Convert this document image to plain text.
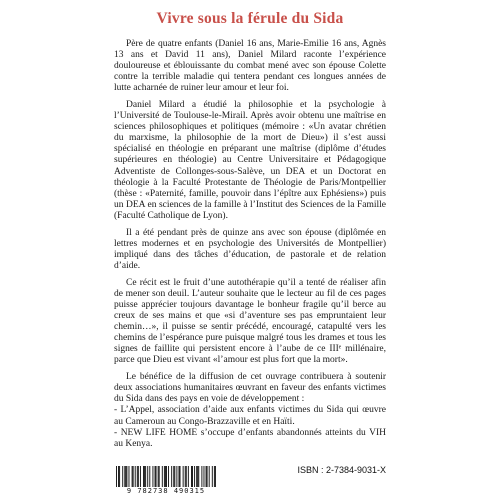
Vivre sous la férule du Sida

Père de quatre enfants (Daniel 16 ans, Marie-Emilie 16 ans, Agnès 13 ans et David 11 ans), Daniel Milard raconte l’expérience douloureuse et éblouissante du combat mené avec son épouse Colette contre la terrible maladie qui tentera pendant ces longues années de lutte acharnée de ruiner leur amour et leur foi.

Daniel Milard a étudié la philosophie et la psychologie à l’Université de Toulouse-le-Mirail. Après avoir obtenu une maîtrise en sciences philosophiques et politiques (mémoire : «Un avatar chrétien du marxisme, la philosophie de la mort de Dieu») il s’est aussi spécialisé en théologie en préparant une maîtrise (diplôme d’études supérieures en théologie) au Centre Universitaire et Pédagogique Adventiste de Collonges-sous-Salève, un DEA et un Doctorat en théologie à la Faculté Protestante de Théologie de Paris/Montpellier (thèse : «Paternité, famille, pouvoir dans l’épître aux Ephésiens») puis un DEA en sciences de la famille à l’Institut des Sciences de la Famille (Faculté Catholique de Lyon).

Il a été pendant près de quinze ans avec son épouse (diplômée en lettres modernes et en psychologie des Universités de Montpellier) impliqué dans des tâches d’éducation, de pastorale et de relation d’aide.

Ce récit est le fruit d’une autothérapie qu’il a tenté de réaliser afin de mener son deuil. L’auteur souhaite que le lecteur au fil de ces pages puisse apprécier toujours davantage le bonheur fragile qu’il berce au creux de ses mains et que «si d’aventure ses pas empruntaient leur chemin…», il puisse se sentir précédé, encouragé, catapulté vers les chemins de l’espérance pure puisque malgré tous les drames et tous les signes de faillite qui persistent encore à l’aube de ce IIIᵉ millénaire, parce que Dieu est vivant «l’amour est plus fort que la mort».

Le bénéfice de la diffusion de cet ouvrage contribuera à soutenir deux associations humanitaires œuvrant en faveur des enfants victimes du Sida dans des pays en voie de développement :

- L’Appel, association d’aide aux enfants victimes du Sida qui œuvre au Cameroun au Congo-Brazzaville et en Haïti.

- NEW LIFE HOME s’occupe d’enfants abandonnés atteints du VIH au Kenya.

9 782738 490315
ISBN : 2-7384-9031-X
